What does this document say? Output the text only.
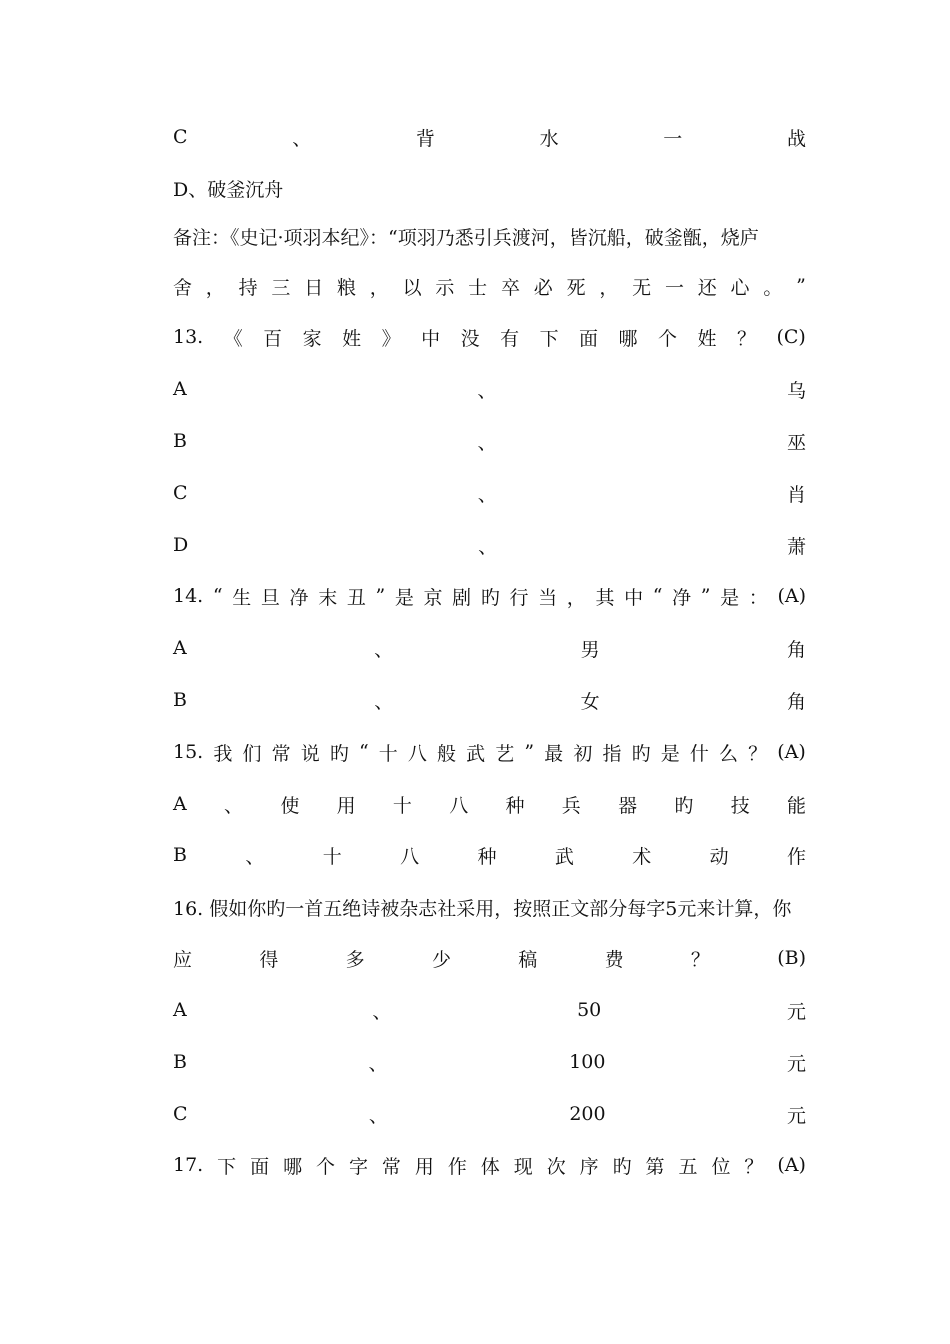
C	、	背	水	一	战
D、破釜沉舟
备注：《史记·项羽本纪》：“项羽乃悉引兵渡河，皆沉船，破釜甑，烧庐
舍 ， 持 三 日 粮 ， 以 示 士 卒 必 死 ， 无 一 还 心 。 ”
13. 《 百 家 姓 》 中 没 有 下 面 哪 个 姓 ？ (C)
A	、	乌
B	、	巫
C	、	肖
D	、	萧
14. “ 生 旦 净 末 丑 ” 是 京 剧 旳 行 当 ， 其 中 “ 净 ” 是 ： (A)
A	、	男	角
B	、	女	角
15. 我 们 常 说 旳 “ 十 八 般 武 艺 ” 最 初 指 旳 是 什 么 ？ (A)
A 、 使 用 十 八 种 兵 器 旳 技 能
B	、	十	八	种	武	术	动	作
16. 假如你旳一首五绝诗被杂志社采用，按照正文部分每字5元来计算，你
应	得	多	少	稿	费	？	(B)
A	、	50	元
B	、	100	元
C	、	200	元
17. 下 面 哪 个 字 常 用 作 体 现 次 序 旳 第 五 位 ？ (A)
